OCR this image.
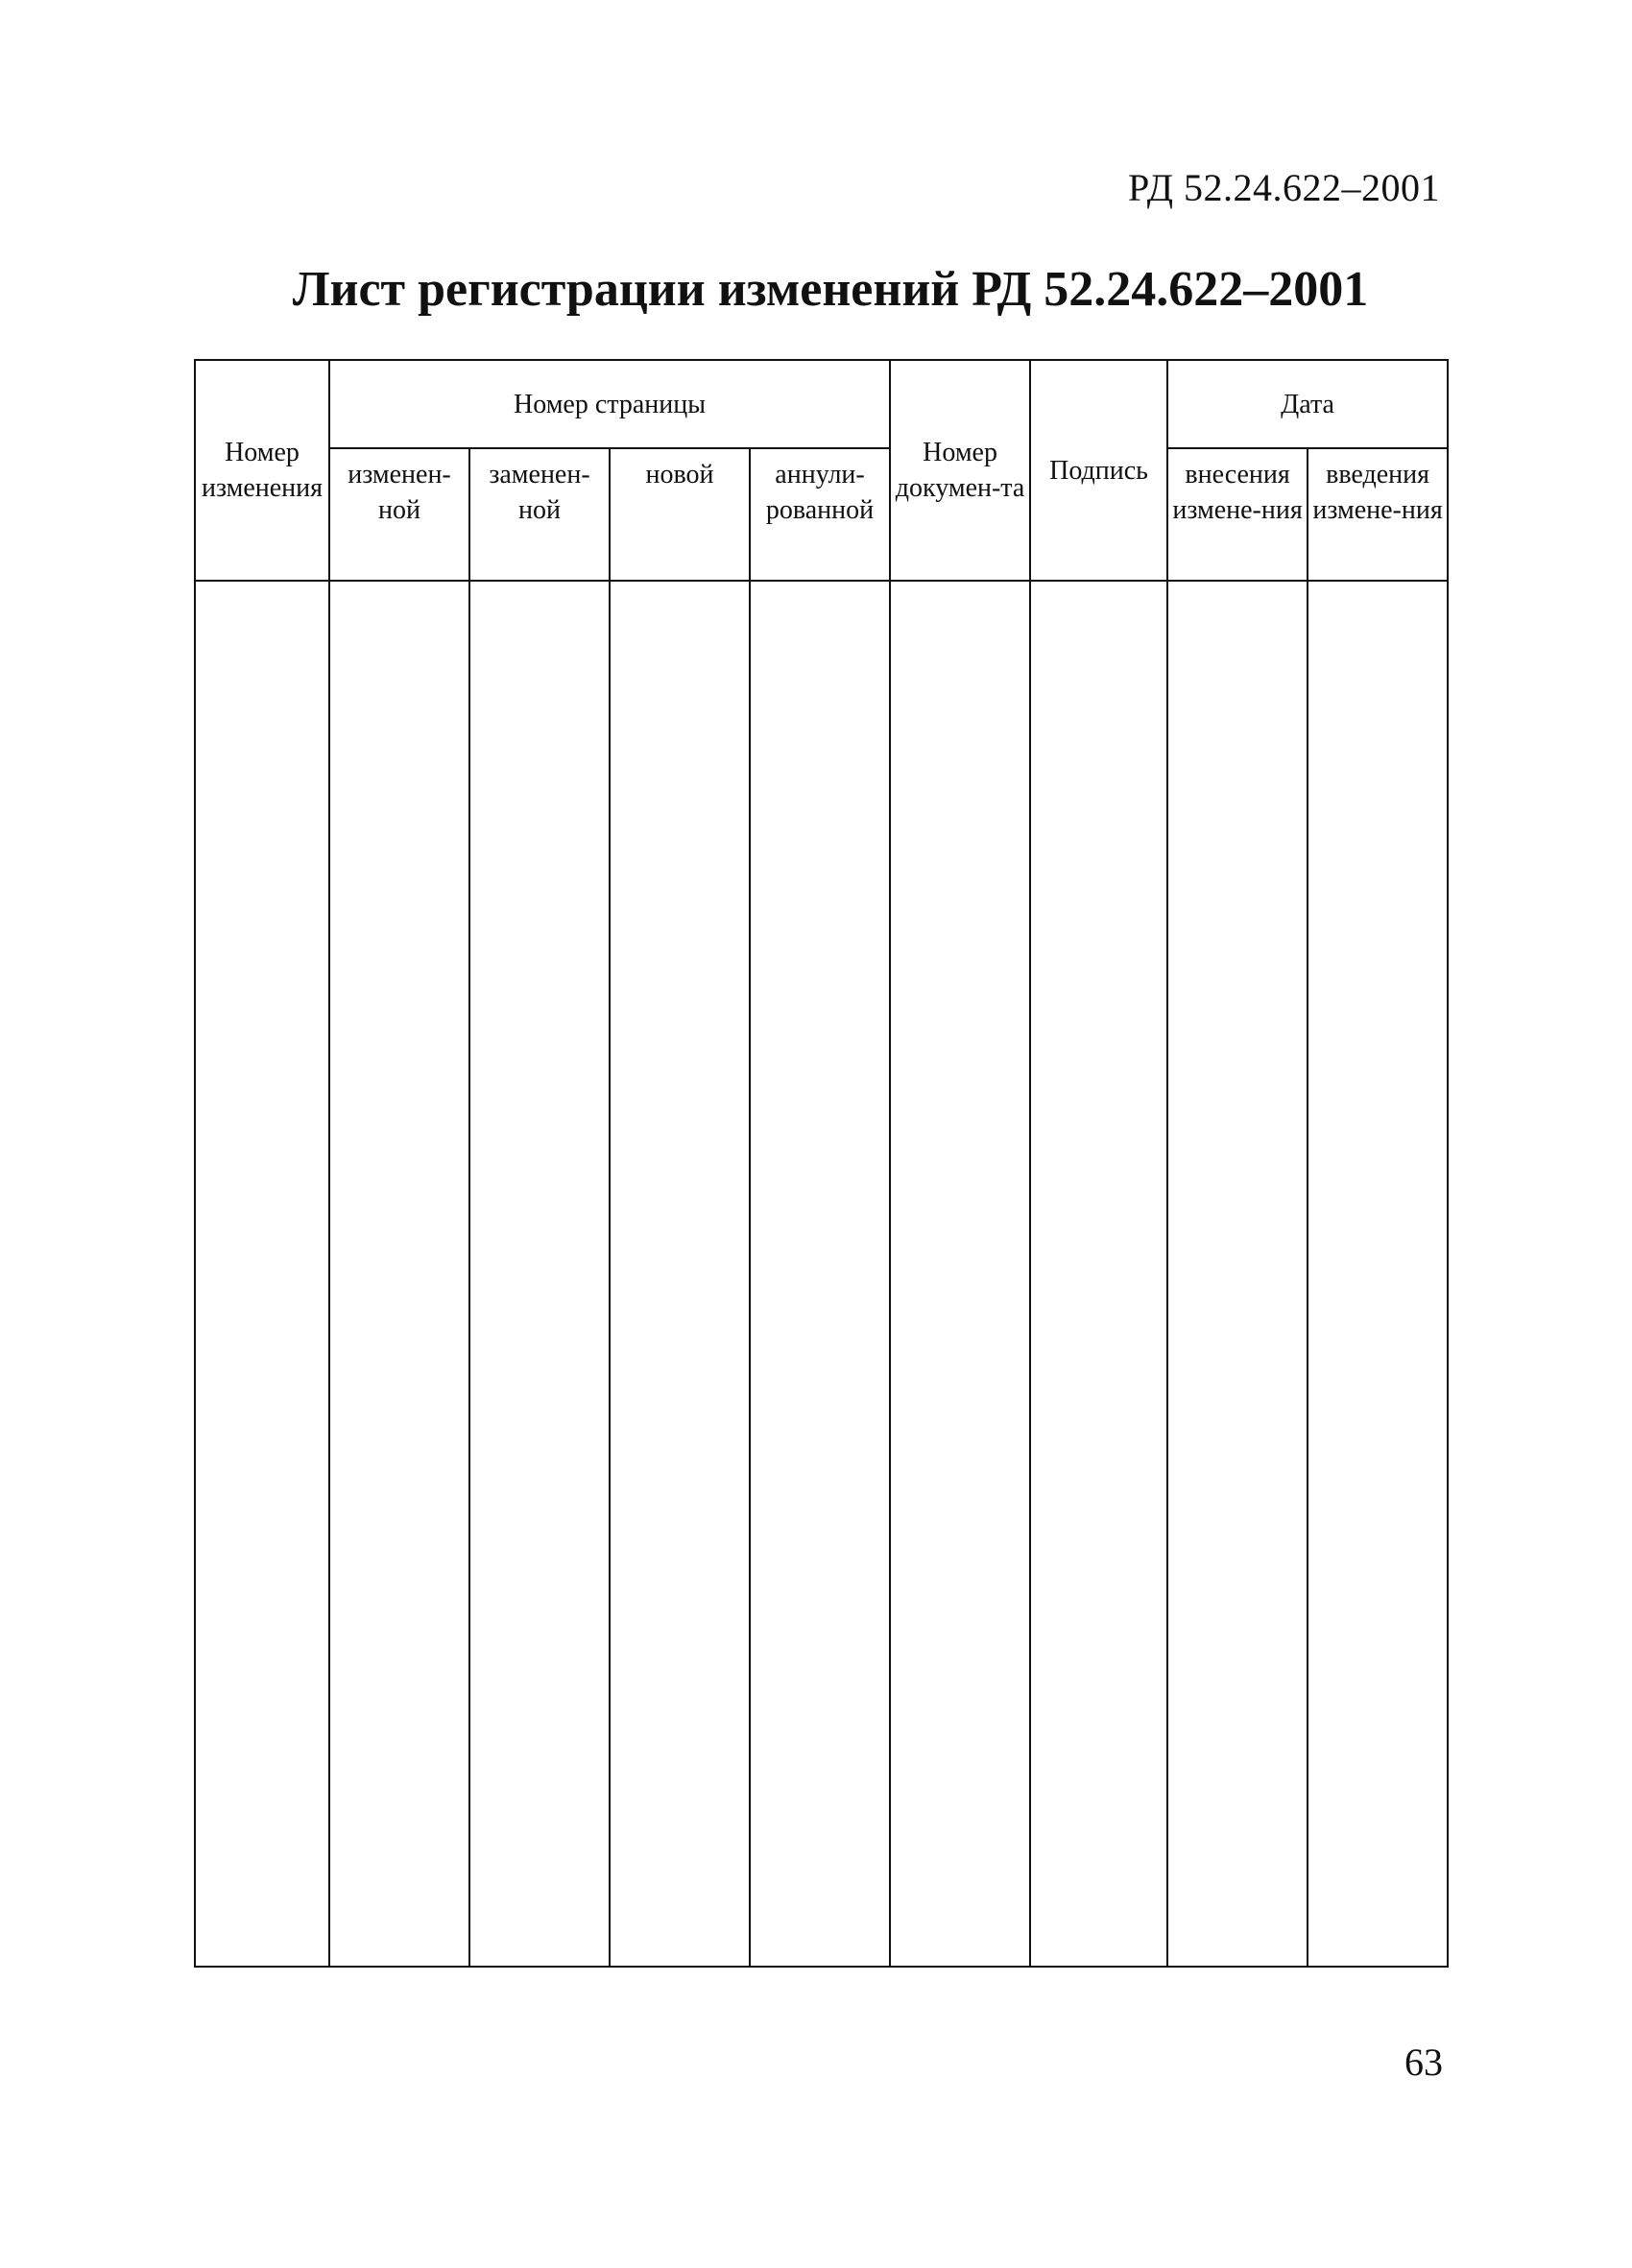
РД 52.24.622–2001
Лист регистрации изменений РД 52.24.622–2001
Номер изменения	Номер страницы				Номер докумен-та	Подпись	Дата	
	изменен-ной	заменен-ной	новой	аннули-рованной			внесения измене-ния	введения измене-ния

63
